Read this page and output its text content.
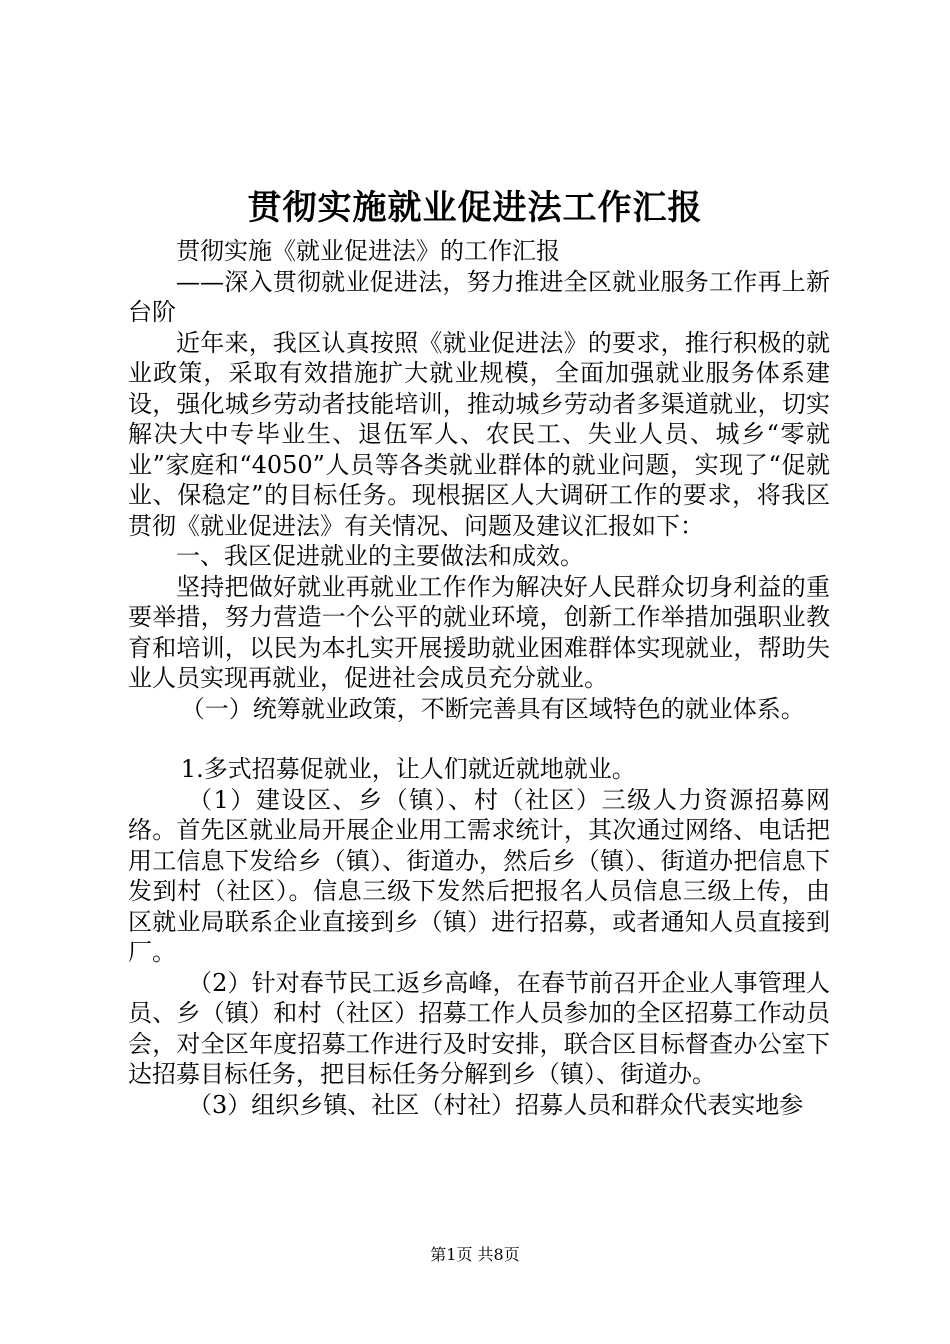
贯彻实施就业促进法工作汇报

贯彻实施《就业促进法》的工作汇报

——深入贯彻就业促进法，努力推进全区就业服务工作再上新台阶

近年来，我区认真按照《就业促进法》的要求，推行积极的就业政策，采取有效措施扩大就业规模，全面加强就业服务体系建设，强化城乡劳动者技能培训，推动城乡劳动者多渠道就业，切实解决大中专毕业生、退伍军人、农民工、失业人员、城乡“零就业”家庭和“4050”人员等各类就业群体的就业问题，实现了“促就业、保稳定”的目标任务。现根据区人大调研工作的要求，将我区贯彻《就业促进法》有关情况、问题及建议汇报如下：

一、我区促进就业的主要做法和成效。

坚持把做好就业再就业工作作为解决好人民群众切身利益的重要举措，努力营造一个公平的就业环境，创新工作举措加强职业教育和培训，以民为本扎实开展援助就业困难群体实现就业，帮助失业人员实现再就业，促进社会成员充分就业。

（一）统筹就业政策，不断完善具有区域特色的就业体系。

1.多式招募促就业，让人们就近就地就业。

（1）建设区、乡（镇）、村（社区）三级人力资源招募网络。首先区就业局开展企业用工需求统计，其次通过网络、电话把用工信息下发给乡（镇）、街道办，然后乡（镇）、街道办把信息下发到村（社区）。信息三级下发然后把报名人员信息三级上传，由区就业局联系企业直接到乡（镇）进行招募，或者通知人员直接到厂。

（2）针对春节民工返乡高峰，在春节前召开企业人事管理人员、乡（镇）和村（社区）招募工作人员参加的全区招募工作动员会，对全区年度招募工作进行及时安排，联合区目标督查办公室下达招募目标任务，把目标任务分解到乡（镇）、街道办。

（3）组织乡镇、社区（村社）招募人员和群众代表实地参

第1页 共8页
